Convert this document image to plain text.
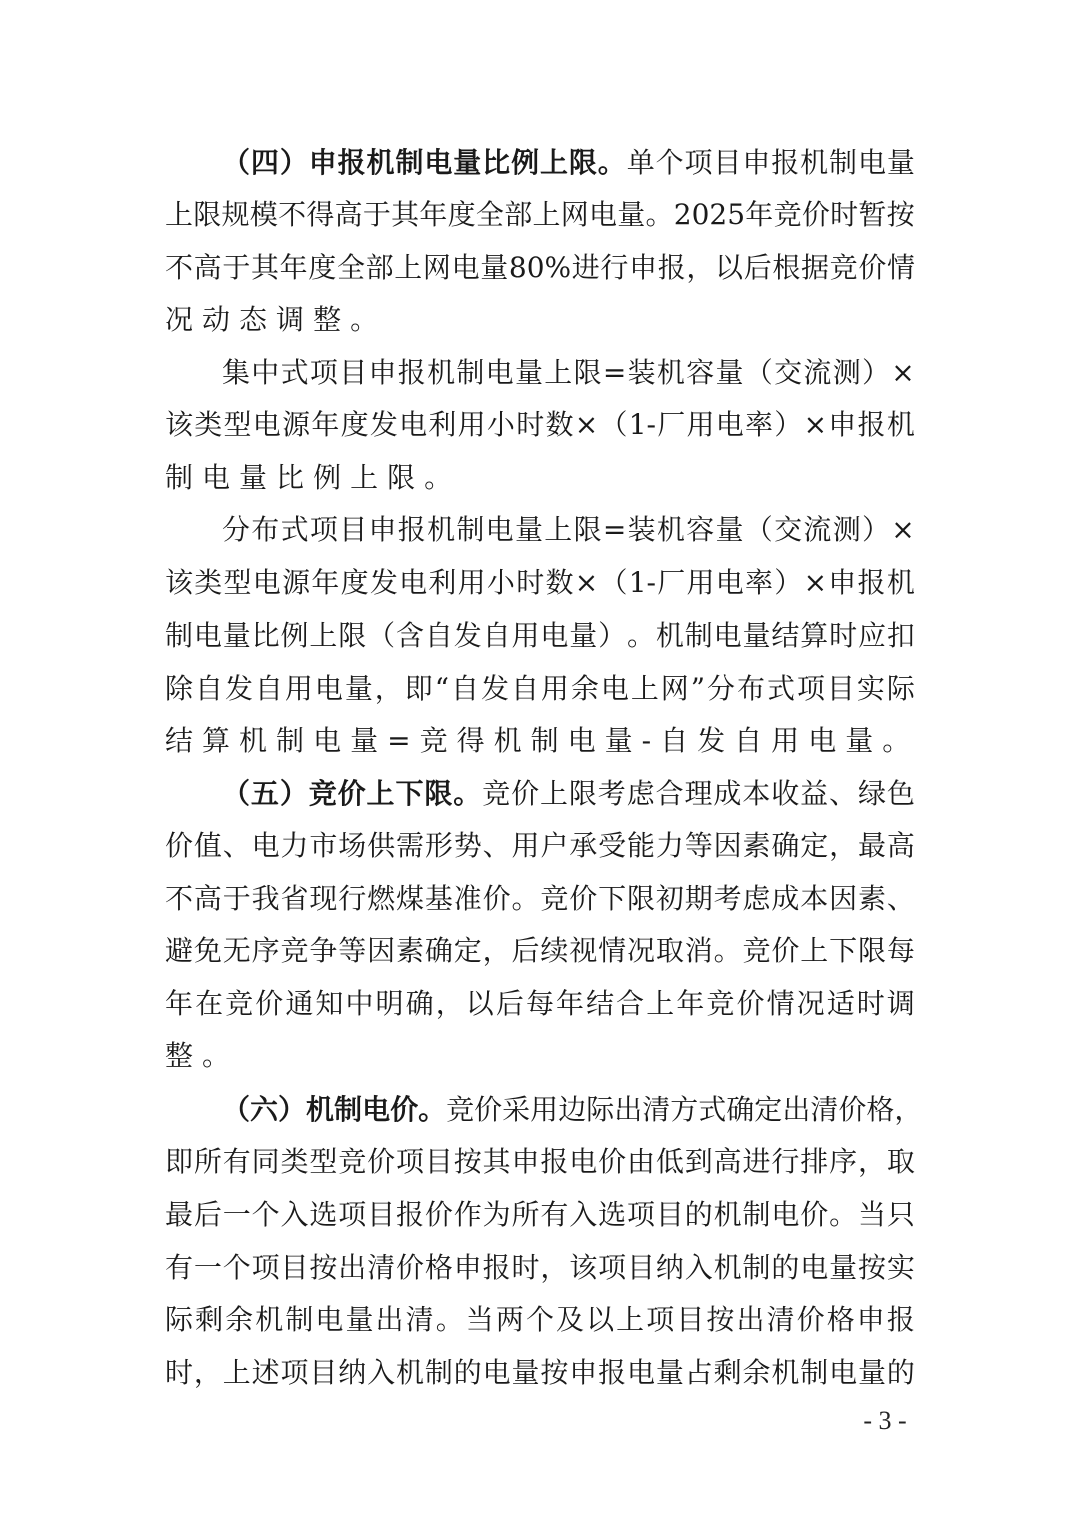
（ 四 ） 申 报 机 制 电 量 比 例 上 限 。 单 个 项 目 申 报 机 制 电 量
上 限 规 模 不 得 高 于 其 年 度 全 部 上 网 电 量 。 2025 年 竞 价 时 暂 按
不 高 于 其 年 度 全 部 上 网 电 量 80% 进 行 申 报 ， 以 后 根 据 竞 价 情
况 动 态 调 整 。
集 中 式 项 目 申 报 机 制 电 量 上 限 = 装 机 容 量 （ 交 流 测 ） ×
该 类 型 电 源 年 度 发 电 利 用 小 时 数 × （ 1- 厂 用 电 率 ） × 申 报 机
制 电 量 比 例 上 限 。
分 布 式 项 目 申 报 机 制 电 量 上 限 = 装 机 容 量 （ 交 流 测 ） ×
该 类 型 电 源 年 度 发 电 利 用 小 时 数 × （ 1- 厂 用 电 率 ） × 申 报 机
制 电 量 比 例 上 限 （ 含 自 发 自 用 电 量 ） 。 机 制 电 量 结 算 时 应 扣
除 自 发 自 用 电 量 ， 即 “ 自 发 自 用 余 电 上 网 ” 分 布 式 项 目 实 际
结 算 机 制 电 量 = 竞 得 机 制 电 量 - 自 发 自 用 电 量 。
（ 五 ） 竞 价 上 下 限 。 竞 价 上 限 考 虑 合 理 成 本 收 益 、 绿 色
价 值 、 电 力 市 场 供 需 形 势 、 用 户 承 受 能 力 等 因 素 确 定 ， 最 高
不 高 于 我 省 现 行 燃 煤 基 准 价 。 竞 价 下 限 初 期 考 虑 成 本 因 素 、
避 免 无 序 竞 争 等 因 素 确 定 ， 后 续 视 情 况 取 消 。 竞 价 上 下 限 每
年 在 竞 价 通 知 中 明 确 ， 以 后 每 年 结 合 上 年 竞 价 情 况 适 时 调
整 。
（ 六 ） 机 制 电 价 。 竞 价 采 用 边 际 出 清 方 式 确 定 出 清 价 格 ，
即 所 有 同 类 型 竞 价 项 目 按 其 申 报 电 价 由 低 到 高 进 行 排 序 ， 取
最 后 一 个 入 选 项 目 报 价 作 为 所 有 入 选 项 目 的 机 制 电 价 。 当 只
有 一 个 项 目 按 出 清 价 格 申 报 时 ， 该 项 目 纳 入 机 制 的 电 量 按 实
际 剩 余 机 制 电 量 出 清 。 当 两 个 及 以 上 项 目 按 出 清 价 格 申 报
时 ， 上 述 项 目 纳 入 机 制 的 电 量 按 申 报 电 量 占 剩 余 机 制 电 量 的
- 3 -
